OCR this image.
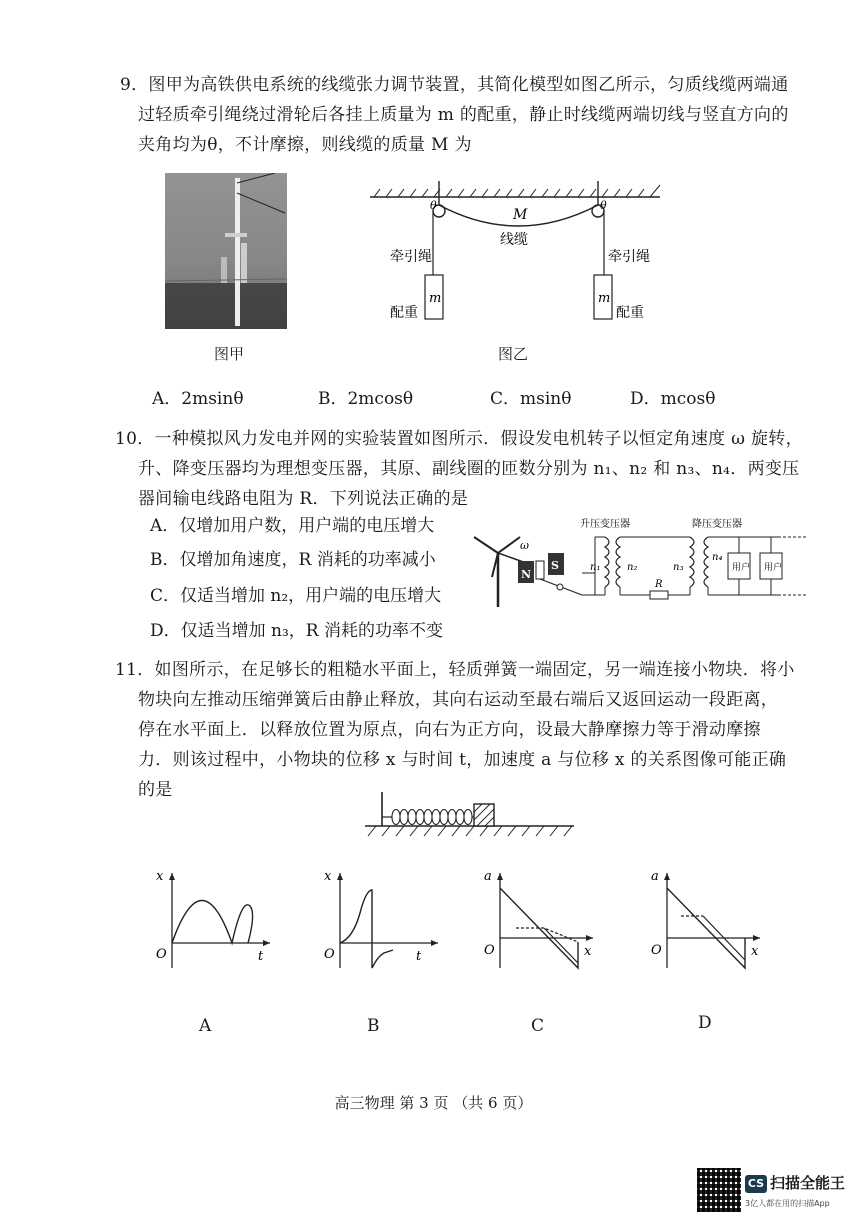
9．图甲为高铁供电系统的线缆张力调节装置，其简化模型如图乙所示，匀质线缆两端通
过轻质牵引绳绕过滑轮后各挂上质量为 m 的配重，静止时线缆两端切线与竖直方向的
夹角均为θ，不计摩擦，则线缆的质量 M 为
图甲
θ	θ
M
线缆
牵引绳	牵引绳
m	m
配重	配重
图乙
A．2msinθ	B．2mcosθ	C．msinθ	D．mcosθ
10．一种模拟风力发电并网的实验装置如图所示．假设发电机转子以恒定角速度 ω 旋转，
升、降变压器均为理想变压器，其原、副线圈的匝数分别为 n₁、n₂ 和 n₃、n₄．两变压
器间输电线路电阻为 R．下列说法正确的是
A．仅增加用户数，用户端的电压增大
B．仅增加角速度，R 消耗的功率减小
C．仅适当增加 n₂，用户端的电压增大
D．仅适当增加 n₃，R 消耗的功率不变
ω
N
S
升压变压器	降压变压器
n₁	n₂
R
n₃
n₄
用户 用户
11．如图所示，在足够长的粗糙水平面上，轻质弹簧一端固定，另一端连接小物块．将小
物块向左推动压缩弹簧后由静止释放，其向右运动至最右端后又返回运动一段距离，
停在水平面上．以释放位置为原点，向右为正方向，设最大静摩擦力等于滑动摩擦
力．则该过程中，小物块的位移 x 与时间 t，加速度 a 与位移 x 的关系图像可能正确
的是
x
t
O
A
x
t
O
B
a
x
O
C
a
x
O
D
高三物理 第 3 页 （共 6 页）
CS 扫描全能王
3亿人都在用的扫描App
